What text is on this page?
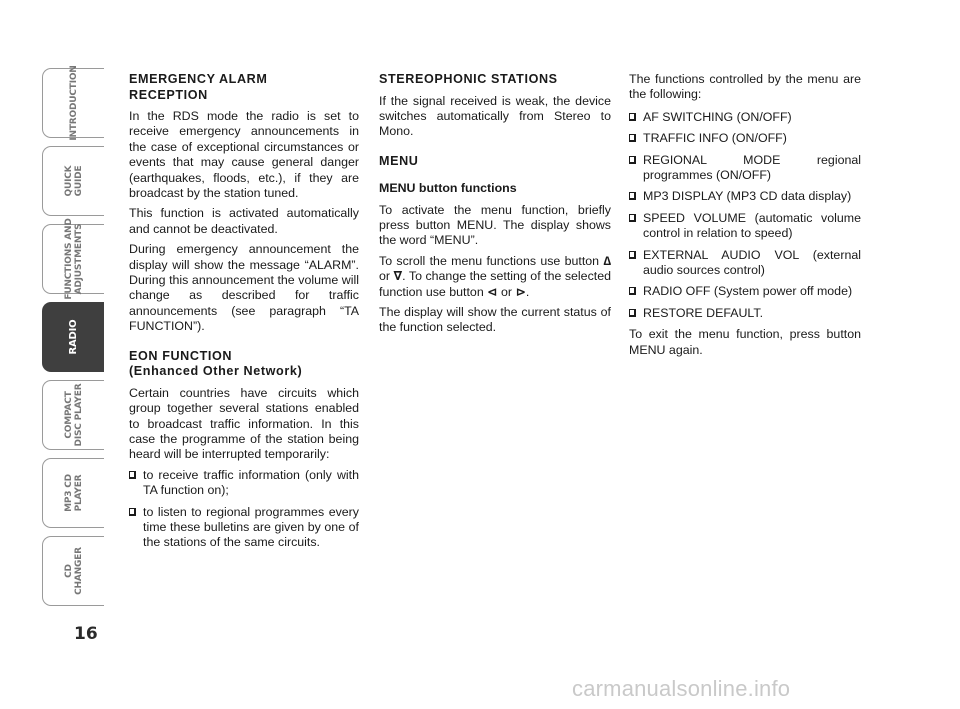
INTRODUCTION
QUICK GUIDE
FUNCTIONS AND ADJUSTMENTS
RADIO
COMPACT DISC PLAYER
MP3 CD PLAYER
CD CHANGER
16
EMERGENCY ALARM
RECEPTION

In the RDS mode the radio is set to receive emergency announcements in the case of exceptional circumstances or events that may cause general danger (earthquakes, floods, etc.), if they are broadcast by the station tuned.

This function is activated automatically and cannot be deactivated.

During emergency announcement the display will show the message “ALARM”. During this announcement the volume will change as described for traffic announcements (see paragraph “TA FUNCTION”).

EON FUNCTION
(Enhanced Other Network)

Certain countries have circuits which group together several stations enabled to broadcast traffic information. In this case the programme of the station being heard will be interrupted temporarily:

to receive traffic information (only with TA function on);
to listen to regional programmes every time these bulletins are given by one of the stations of the same circuits.
STEREOPHONIC STATIONS

If the signal received is weak, the device switches automatically from Stereo to Mono.

MENU
MENU button functions

To activate the menu function, briefly press button MENU. The display shows the word “MENU”.

To scroll the menu functions use button ∆ or ∇. To change the setting of the selected function use button ⊲ or ⊳.

The display will show the current status of the function selected.

The functions controlled by the menu are the following:

AF SWITCHING (ON/OFF)
TRAFFIC INFO (ON/OFF)
REGIONAL MODE regional programmes (ON/OFF)
MP3 DISPLAY (MP3 CD data display)
SPEED VOLUME (automatic volume control in relation to speed)
EXTERNAL AUDIO VOL (external audio sources control)
RADIO OFF (System power off mode)
RESTORE DEFAULT.

To exit the menu function, press button MENU again.

carmanualsonline.info
